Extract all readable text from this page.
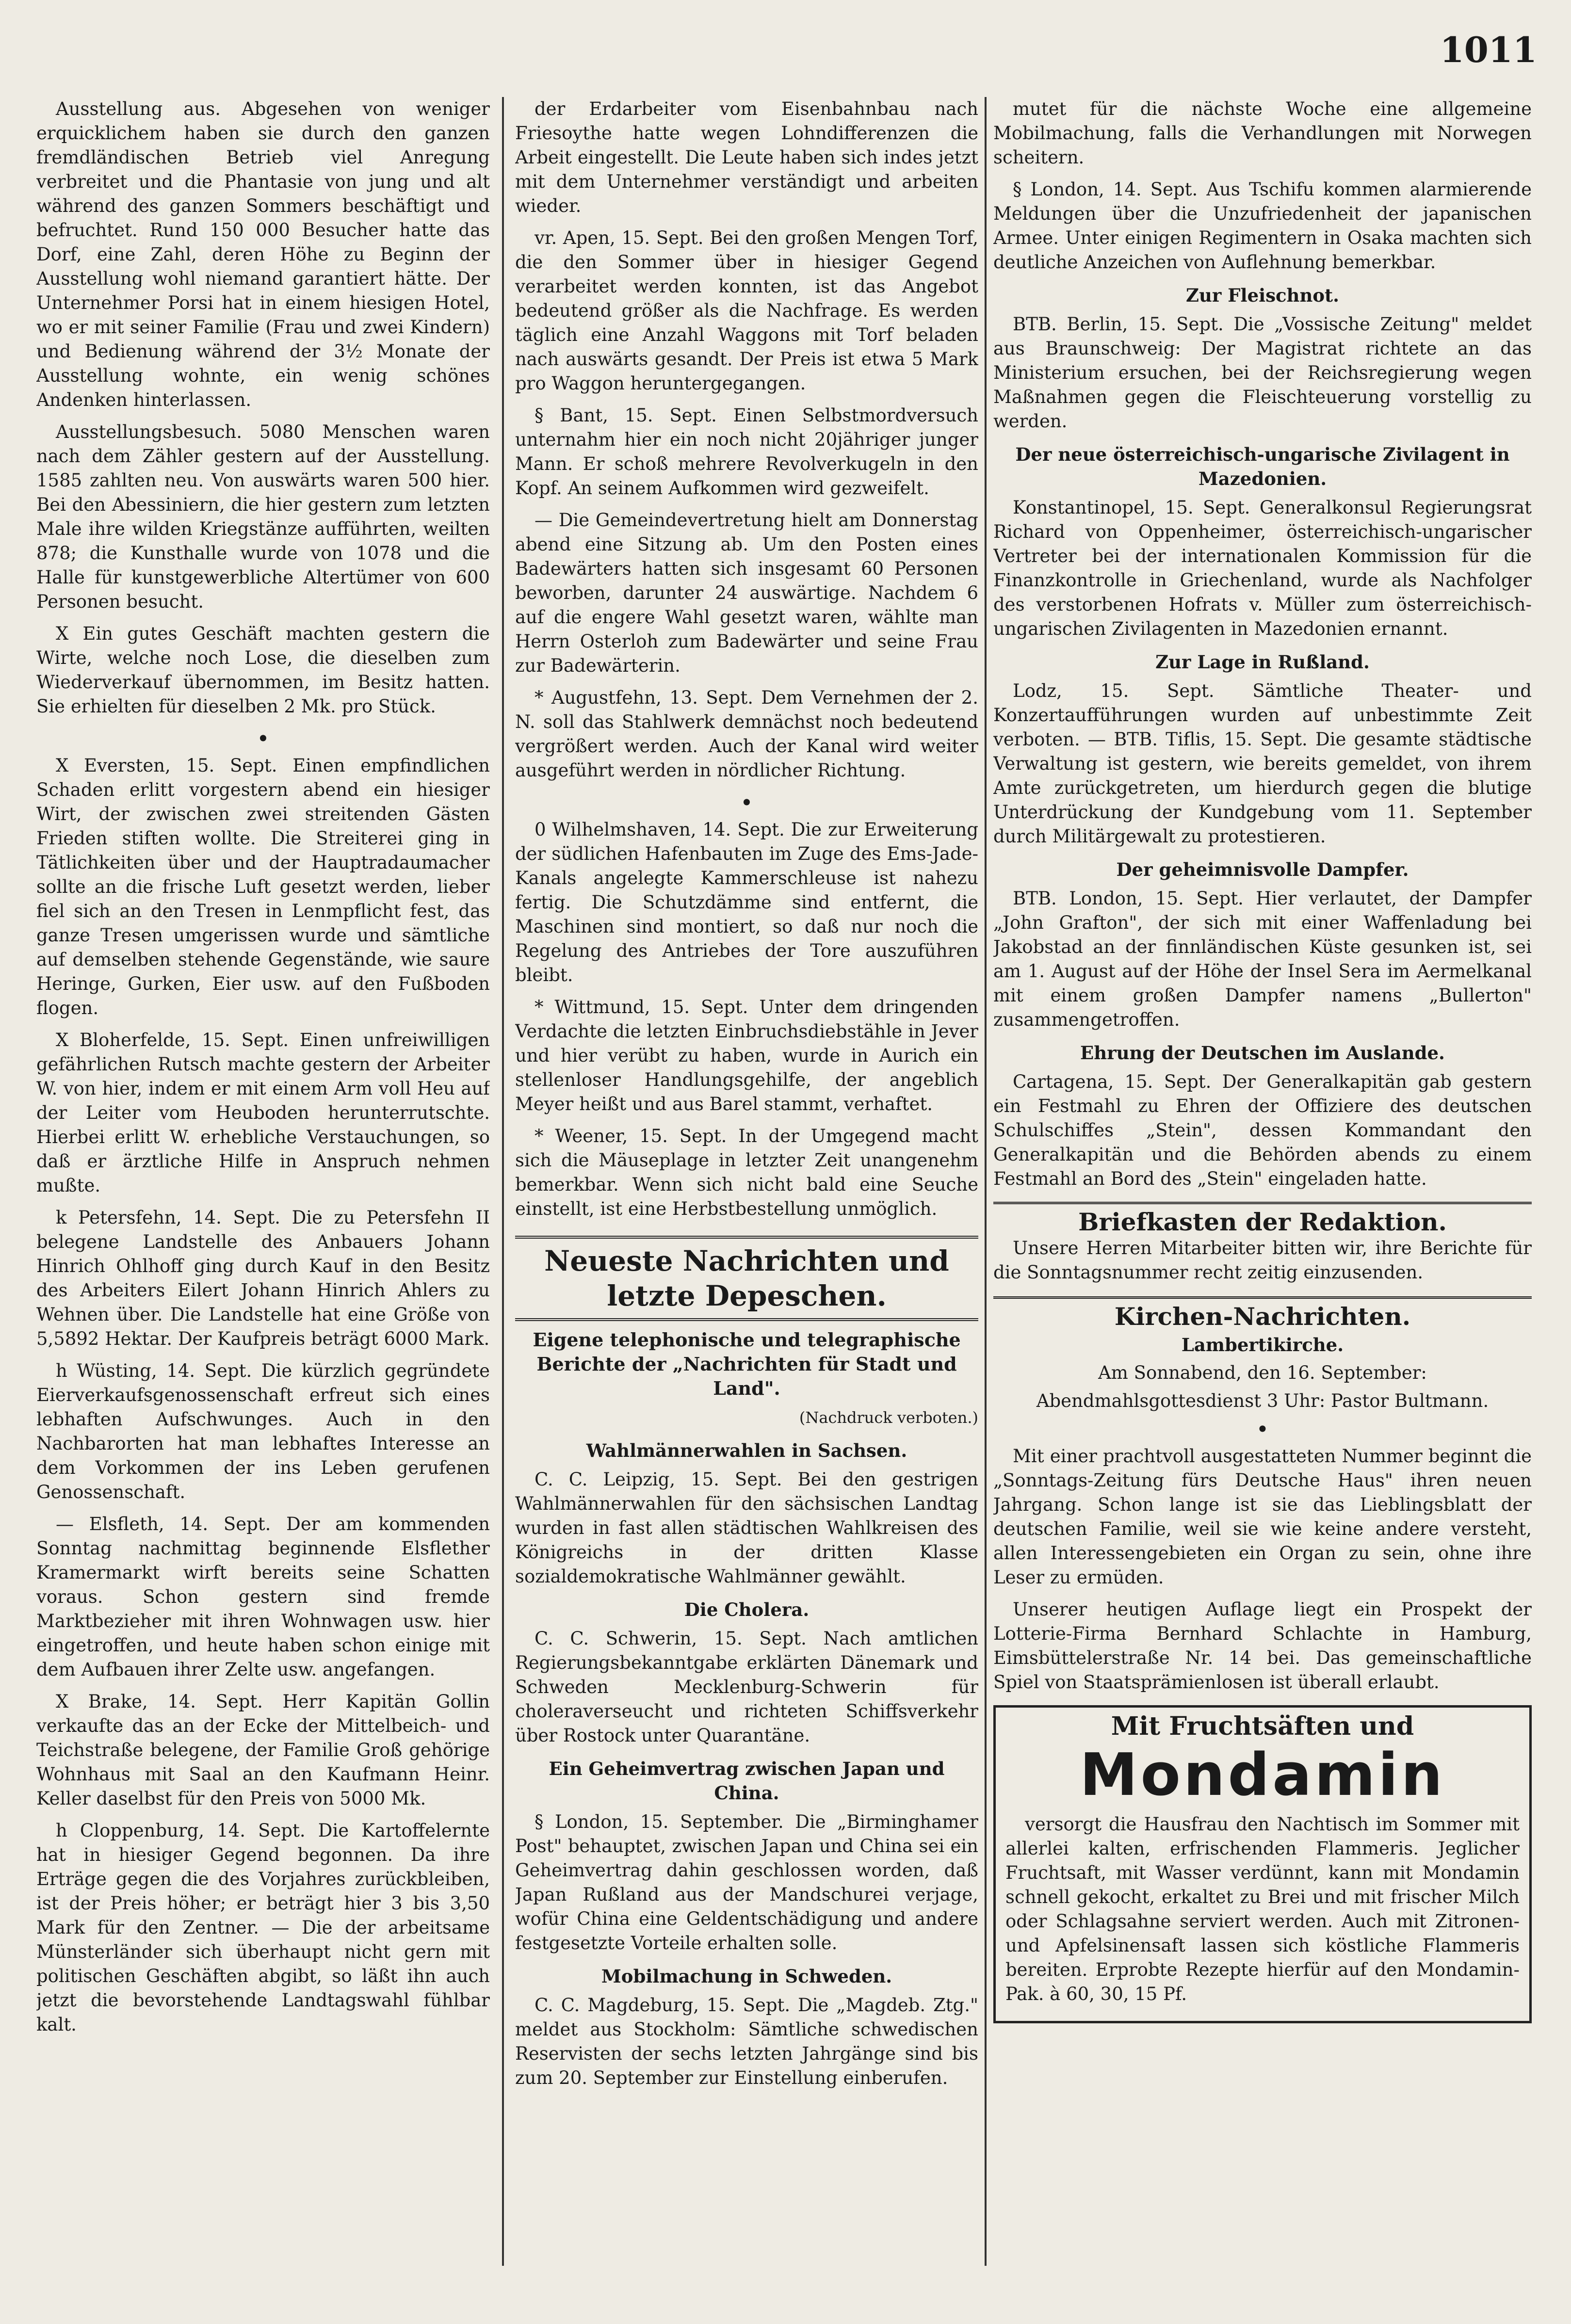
1011

Ausstellung aus. Abgesehen von weniger erquicklichem haben sie durch den ganzen fremdländischen Betrieb viel Anregung verbreitet und die Phantasie von jung und alt während des ganzen Sommers beschäftigt und befruchtet. Rund 150 000 Besucher hatte das Dorf, eine Zahl, deren Höhe zu Beginn der Ausstellung wohl niemand garantiert hätte. Der Unternehmer Porsi hat in einem hiesigen Hotel, wo er mit seiner Familie (Frau und zwei Kindern) und Bedienung während der 3½ Monate der Ausstellung wohnte, ein wenig schönes Andenken hinterlassen.

Ausstellungsbesuch. 5080 Menschen waren nach dem Zähler gestern auf der Ausstellung. 1585 zahlten neu. Von auswärts waren 500 hier. Bei den Abessiniern, die hier gestern zum letzten Male ihre wilden Kriegstänze aufführten, weilten 878; die Kunsthalle wurde von 1078 und die Halle für kunstgewerbliche Altertümer von 600 Personen besucht.

X Ein gutes Geschäft machten gestern die Wirte, welche noch Lose, die dieselben zum Wiederverkauf übernommen, im Besitz hatten. Sie erhielten für dieselben 2 Mk. pro Stück.

•

X Eversten, 15. Sept. Einen empfindlichen Schaden erlitt vorgestern abend ein hiesiger Wirt, der zwischen zwei streitenden Gästen Frieden stiften wollte. Die Streiterei ging in Tätlichkeiten über und der Hauptradaumacher sollte an die frische Luft gesetzt werden, lieber fiel sich an den Tresen in Lenmpflicht fest, das ganze Tresen umgerissen wurde und sämtliche auf demselben stehende Gegenstände, wie saure Heringe, Gurken, Eier usw. auf den Fußboden flogen.

X Bloherfelde, 15. Sept. Einen unfreiwilligen gefährlichen Rutsch machte gestern der Arbeiter W. von hier, indem er mit einem Arm voll Heu auf der Leiter vom Heuboden herunterrutschte. Hierbei erlitt W. erhebliche Verstauchungen, so daß er ärztliche Hilfe in Anspruch nehmen mußte.

k Petersfehn, 14. Sept. Die zu Petersfehn II belegene Landstelle des Anbauers Johann Hinrich Ohlhoff ging durch Kauf in den Besitz des Arbeiters Eilert Johann Hinrich Ahlers zu Wehnen über. Die Landstelle hat eine Größe von 5,5892 Hektar. Der Kaufpreis beträgt 6000 Mark.

h Wüsting, 14. Sept. Die kürzlich gegründete Eierverkaufsgenossenschaft erfreut sich eines lebhaften Aufschwunges. Auch in den Nachbarorten hat man lebhaftes Interesse an dem Vorkommen der ins Leben gerufenen Genossenschaft.

— Elsfleth, 14. Sept. Der am kommenden Sonntag nachmittag beginnende Elsflether Kramermarkt wirft bereits seine Schatten voraus. Schon gestern sind fremde Marktbezieher mit ihren Wohnwagen usw. hier eingetroffen, und heute haben schon einige mit dem Aufbauen ihrer Zelte usw. angefangen.

X Brake, 14. Sept. Herr Kapitän Gollin verkaufte das an der Ecke der Mittelbeich- und Teichstraße belegene, der Familie Groß gehörige Wohnhaus mit Saal an den Kaufmann Heinr. Keller daselbst für den Preis von 5000 Mk.

h Cloppenburg, 14. Sept. Die Kartoffelernte hat in hiesiger Gegend begonnen. Da ihre Erträge gegen die des Vorjahres zurückbleiben, ist der Preis höher; er beträgt hier 3 bis 3,50 Mark für den Zentner. — Die der arbeitsame Münsterländer sich überhaupt nicht gern mit politischen Geschäften abgibt, so läßt ihn auch jetzt die bevorstehende Landtagswahl fühlbar kalt.

der Erdarbeiter vom Eisenbahnbau nach Friesoythe hatte wegen Lohndifferenzen die Arbeit eingestellt. Die Leute haben sich indes jetzt mit dem Unternehmer verständigt und arbeiten wieder.

vr. Apen, 15. Sept. Bei den großen Mengen Torf, die den Sommer über in hiesiger Gegend verarbeitet werden konnten, ist das Angebot bedeutend größer als die Nachfrage. Es werden täglich eine Anzahl Waggons mit Torf beladen nach auswärts gesandt. Der Preis ist etwa 5 Mark pro Waggon heruntergegangen.

§ Bant, 15. Sept. Einen Selbstmordversuch unternahm hier ein noch nicht 20jähriger junger Mann. Er schoß mehrere Revolverkugeln in den Kopf. An seinem Aufkommen wird gezweifelt.

— Die Gemeindevertretung hielt am Donnerstag abend eine Sitzung ab. Um den Posten eines Badewärters hatten sich insgesamt 60 Personen beworben, darunter 24 auswärtige. Nachdem 6 auf die engere Wahl gesetzt waren, wählte man Herrn Osterloh zum Badewärter und seine Frau zur Badewärterin.

* Augustfehn, 13. Sept. Dem Vernehmen der 2. N. soll das Stahlwerk demnächst noch bedeutend vergrößert werden. Auch der Kanal wird weiter ausgeführt werden in nördlicher Richtung.

•

0 Wilhelmshaven, 14. Sept. Die zur Erweiterung der südlichen Hafenbauten im Zuge des Ems-Jade-Kanals angelegte Kammerschleuse ist nahezu fertig. Die Schutzdämme sind entfernt, die Maschinen sind montiert, so daß nur noch die Regelung des Antriebes der Tore auszuführen bleibt.

* Wittmund, 15. Sept. Unter dem dringenden Verdachte die letzten Einbruchsdiebstähle in Jever und hier verübt zu haben, wurde in Aurich ein stellenloser Handlungsgehilfe, der angeblich Meyer heißt und aus Barel stammt, verhaftet.

* Weener, 15. Sept. In der Umgegend macht sich die Mäuseplage in letzter Zeit unangenehm bemerkbar. Wenn sich nicht bald eine Seuche einstellt, ist eine Herbstbestellung unmöglich.

Neueste Nachrichten und letzte Depeschen.
Eigene telephonische und telegraphische Berichte der „Nachrichten für Stadt und Land".
(Nachdruck verboten.)
Wahlmännerwahlen in Sachsen.

C. C. Leipzig, 15. Sept. Bei den gestrigen Wahlmännerwahlen für den sächsischen Landtag wurden in fast allen städtischen Wahlkreisen des Königreichs in der dritten Klasse sozialdemokratische Wahlmänner gewählt.

Die Cholera.

C. C. Schwerin, 15. Sept. Nach amtlichen Regierungsbekanntgabe erklärten Dänemark und Schweden Mecklenburg-Schwerin für choleraverseucht und richteten Schiffsverkehr über Rostock unter Quarantäne.

Ein Geheimvertrag zwischen Japan und China.

§ London, 15. September. Die „Birminghamer Post" behauptet, zwischen Japan und China sei ein Geheimvertrag dahin geschlossen worden, daß Japan Rußland aus der Mandschurei verjage, wofür China eine Geldentschädigung und andere festgesetzte Vorteile erhalten solle.

Mobilmachung in Schweden.

C. C. Magdeburg, 15. Sept. Die „Magdeb. Ztg." meldet aus Stockholm: Sämtliche schwedischen Reservisten der sechs letzten Jahrgänge sind bis zum 20. September zur Einstellung einberufen.

mutet für die nächste Woche eine allgemeine Mobilmachung, falls die Verhandlungen mit Norwegen scheitern.

§ London, 14. Sept. Aus Tschifu kommen alarmierende Meldungen über die Unzufriedenheit der japanischen Armee. Unter einigen Regimentern in Osaka machten sich deutliche Anzeichen von Auflehnung bemerkbar.

Zur Fleischnot.

BTB. Berlin, 15. Sept. Die „Vossische Zeitung" meldet aus Braunschweig: Der Magistrat richtete an das Ministerium ersuchen, bei der Reichsregierung wegen Maßnahmen gegen die Fleischteuerung vorstellig zu werden.

Der neue österreichisch-ungarische Zivilagent in Mazedonien.

Konstantinopel, 15. Sept. Generalkonsul Regierungsrat Richard von Oppenheimer, österreichisch-ungarischer Vertreter bei der internationalen Kommission für die Finanzkontrolle in Griechenland, wurde als Nachfolger des verstorbenen Hofrats v. Müller zum österreichisch-ungarischen Zivilagenten in Mazedonien ernannt.

Zur Lage in Rußland.

Lodz, 15. Sept. Sämtliche Theater- und Konzertaufführungen wurden auf unbestimmte Zeit verboten. — BTB. Tiflis, 15. Sept. Die gesamte städtische Verwaltung ist gestern, wie bereits gemeldet, von ihrem Amte zurückgetreten, um hierdurch gegen die blutige Unterdrückung der Kundgebung vom 11. September durch Militärgewalt zu protestieren.

Der geheimnisvolle Dampfer.

BTB. London, 15. Sept. Hier verlautet, der Dampfer „John Grafton", der sich mit einer Waffenladung bei Jakobstad an der finnländischen Küste gesunken ist, sei am 1. August auf der Höhe der Insel Sera im Aermelkanal mit einem großen Dampfer namens „Bullerton" zusammengetroffen.

Ehrung der Deutschen im Auslande.

Cartagena, 15. Sept. Der Generalkapitän gab gestern ein Festmahl zu Ehren der Offiziere des deutschen Schulschiffes „Stein", dessen Kommandant den Generalkapitän und die Behörden abends zu einem Festmahl an Bord des „Stein" eingeladen hatte.

Briefkasten der Redaktion.

Unsere Herren Mitarbeiter bitten wir, ihre Berichte für die Sonntagsnummer recht zeitig einzusenden.

Kirchen-Nachrichten.
Lambertikirche.
Am Sonnabend, den 16. September:
Abendmahlsgottesdienst 3 Uhr: Pastor Bultmann.
•

Mit einer prachtvoll ausgestatteten Nummer beginnt die „Sonntags-Zeitung fürs Deutsche Haus" ihren neuen Jahrgang. Schon lange ist sie das Lieblingsblatt der deutschen Familie, weil sie wie keine andere versteht, allen Interessengebieten ein Organ zu sein, ohne ihre Leser zu ermüden.

Unserer heutigen Auflage liegt ein Prospekt der Lotterie-Firma Bernhard Schlachte in Hamburg, Eimsbüttelerstraße Nr. 14 bei. Das gemeinschaftliche Spiel von Staatsprämienlosen ist überall erlaubt.

Mit Fruchtsäften und
Mondamin

versorgt die Hausfrau den Nachtisch im Sommer mit allerlei kalten, erfrischenden Flammeris. Jeglicher Fruchtsaft, mit Wasser verdünnt, kann mit Mondamin schnell gekocht, erkaltet zu Brei und mit frischer Milch oder Schlagsahne serviert werden. Auch mit Zitronen- und Apfelsinensaft lassen sich köstliche Flammeris bereiten. Erprobte Rezepte hierfür auf den Mondamin-Pak. à 60, 30, 15 Pf.
